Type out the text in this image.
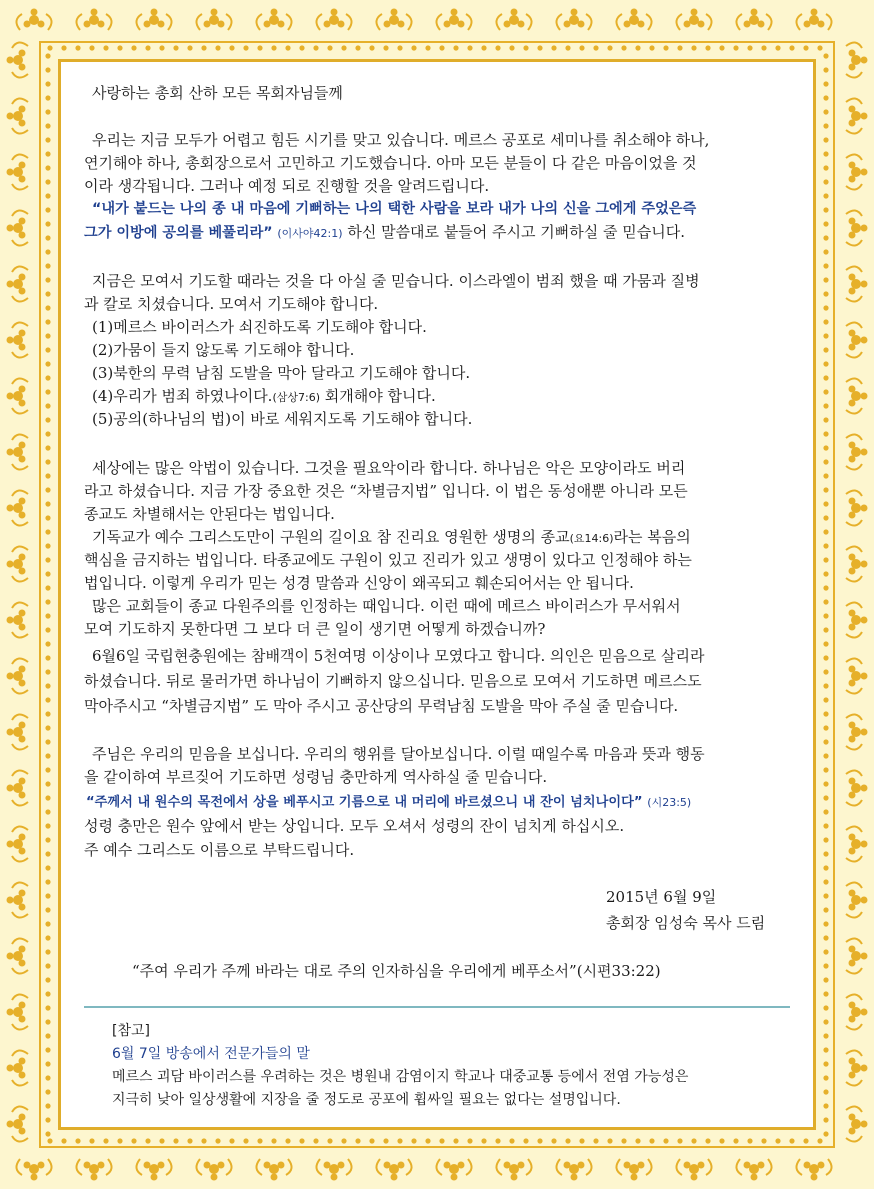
사랑하는 총회 산하 모든 목회자님들께
우리는 지금 모두가 어렵고 힘든 시기를 맞고 있습니다. 메르스 공포로 세미나를 취소해야 하나,
연기해야 하나, 총회장으로서 고민하고 기도했습니다. 아마 모든 분들이 다 같은 마음이었을 것
이라 생각됩니다. 그러나 예정 되로 진행할 것을 알려드립니다.
“내가 붙드는 나의 종 내 마음에 기뻐하는 나의 택한 사람을 보라 내가 나의 신을 그에게 주었은즉
그가 이방에 공의를 베풀리라” (이사야42:1) 하신 말씀대로 붙들어 주시고 기뻐하실 줄 믿습니다.
지금은 모여서 기도할 때라는 것을 다 아실 줄 믿습니다. 이스라엘이 범죄 했을 때 가뭄과 질병
과 칼로 치셨습니다. 모여서 기도해야 합니다.
(1)메르스 바이러스가 쇠진하도록 기도해야 합니다.
(2)가뭄이 들지 않도록 기도해야 합니다.
(3)북한의 무력 남침 도발을 막아 달라고 기도해야 합니다.
(4)우리가 범죄 하였나이다.(삼상7:6) 회개해야 합니다.
(5)공의(하나님의 법)이 바로 세워지도록 기도해야 합니다.
세상에는 많은 악법이 있습니다. 그것을 필요악이라 합니다. 하나님은 악은 모양이라도 버리
라고 하셨습니다. 지금 가장 중요한 것은 “차별금지법” 입니다. 이 법은 동성애뿐 아니라 모든
종교도 차별해서는 안된다는 법입니다.
기독교가 예수 그리스도만이 구원의 길이요 참 진리요 영원한 생명의 종교(요14:6)라는 복음의
핵심을 금지하는 법입니다. 타종교에도 구원이 있고 진리가 있고 생명이 있다고 인정해야 하는
법입니다. 이렇게 우리가 믿는 성경 말씀과 신앙이 왜곡되고 훼손되어서는 안 됩니다.
많은 교회들이 종교 다원주의를 인정하는 때입니다. 이런 때에 메르스 바이러스가 무서워서
모여 기도하지 못한다면 그 보다 더 큰 일이 생기면 어떻게 하겠습니까?
6월6일 국립현충원에는 참배객이 5천여명 이상이나 모였다고 합니다. 의인은 믿음으로 살리라
하셨습니다. 뒤로 물러가면 하나님이 기뻐하지 않으십니다. 믿음으로 모여서 기도하면 메르스도
막아주시고 “차별금지법” 도 막아 주시고 공산당의 무력남침 도발을 막아 주실 줄 믿습니다.
주님은 우리의 믿음을 보십니다. 우리의 행위를 달아보십니다. 이럴 때일수록 마음과 뜻과 행동
을 같이하여 부르짖어 기도하면 성령님 충만하게 역사하실 줄 믿습니다.
“주께서 내 원수의 목전에서 상을 베푸시고 기름으로 내 머리에 바르셨으니 내 잔이 넘치나이다” (시23:5)
성령 충만은 원수 앞에서 받는 상입니다. 모두 오셔서 성령의 잔이 넘치게 하십시오.
주 예수 그리스도 이름으로 부탁드립니다.
2015년 6월 9일
총회장 임성숙 목사 드림
“주여 우리가 주께 바라는 대로 주의 인자하심을 우리에게 베푸소서”(시편33:22)
[참고]
6월 7일 방송에서 전문가들의 말
메르스 괴담 바이러스를 우려하는 것은 병원내 감염이지 학교나 대중교통 등에서 전염 가능성은
지극히 낮아 일상생활에 지장을 줄 정도로 공포에 휩싸일 필요는 없다는 설명입니다.
